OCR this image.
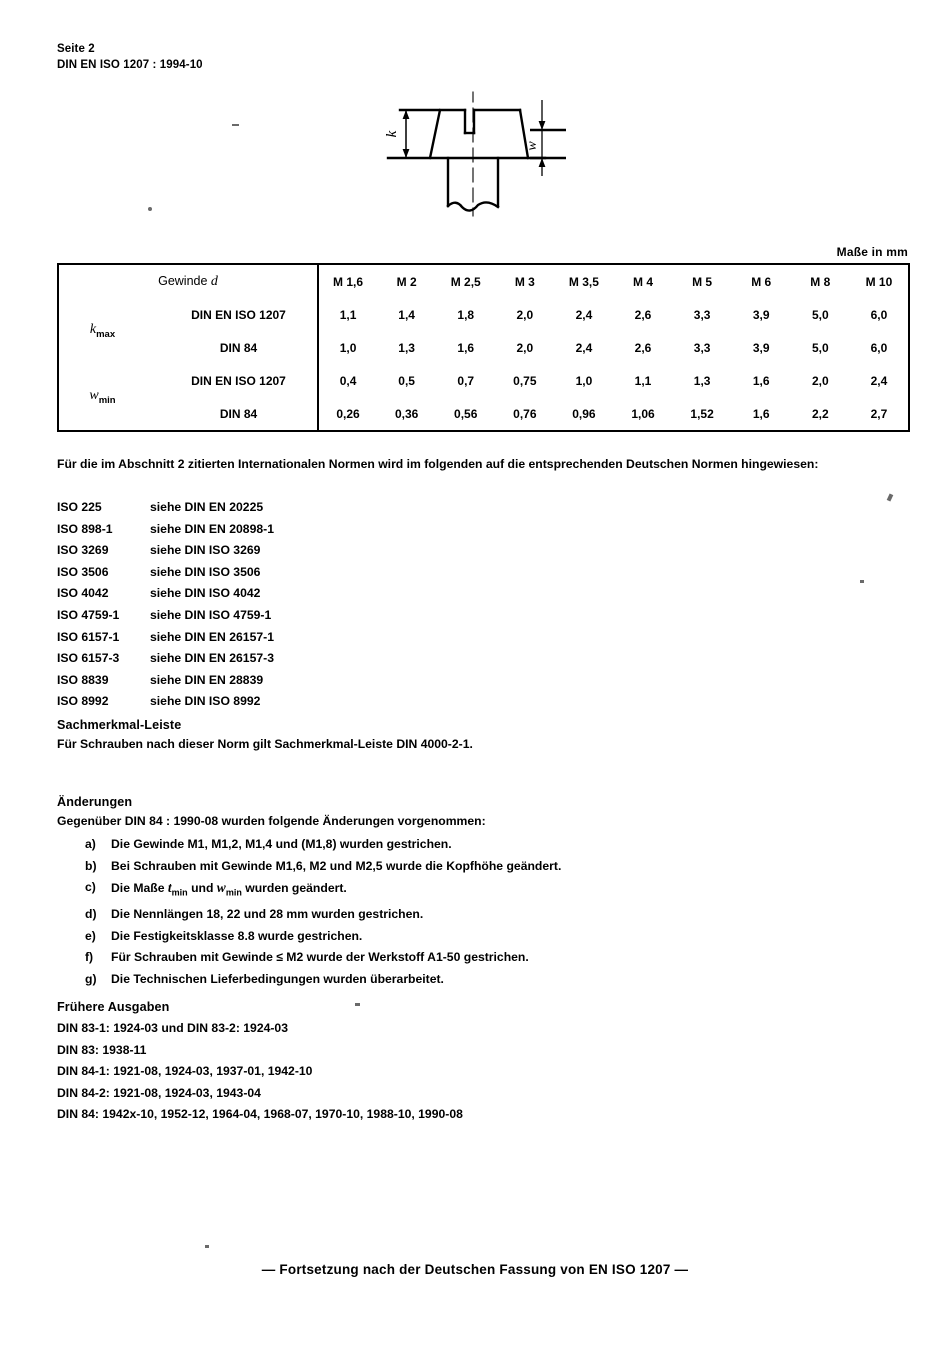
Seite 2
DIN EN ISO 1207 : 1994-10
k
w
Maße in mm
Gewinde d		M 1,6	M 2	M 2,5	M 3	M 3,5	M 4	M 5	M 6	M 8	M 10
$k_{max}$	DIN EN ISO 1207	1,1	1,4	1,8	2,0	2,4	2,6	3,3	3,9	5,0	6,0
	DIN 84	1,0	1,3	1,6	2,0	2,4	2,6	3,3	3,9	5,0	6,0
$w_{min}$	DIN EN ISO 1207	0,4	0,5	0,7	0,75	1,0	1,1	1,3	1,6	2,0	2,4
	DIN 84	0,26	0,36	0,56	0,76	0,96	1,06	1,52	1,6	2,2	2,7
Für die im Abschnitt 2 zitierten Internationalen Normen wird im folgenden auf die entsprechenden Deutschen Normen hingewiesen:
ISO 225	siehe DIN EN 20225
ISO 898-1	siehe DIN EN 20898-1
ISO 3269	siehe DIN ISO 3269
ISO 3506	siehe DIN ISO 3506
ISO 4042	siehe DIN ISO 4042
ISO 4759-1	siehe DIN ISO 4759-1
ISO 6157-1	siehe DIN EN 26157-1
ISO 6157-3	siehe DIN EN 26157-3
ISO 8839	siehe DIN EN 28839
ISO 8992	siehe DIN ISO 8992
Sachmerkmal-Leiste

Für Schrauben nach dieser Norm gilt Sachmerkmal-Leiste DIN 4000-2-1.

Änderungen

Gegenüber DIN 84 : 1990-08 wurden folgende Änderungen vorgenommen:

a) Die Gewinde M1, M1,2, M1,4 und (M1,8) wurden gestrichen.
b) Bei Schrauben mit Gewinde M1,6, M2 und M2,5 wurde die Kopfhöhe geändert.
c) Die Maße $t_{min}$ und $w_{min}$ wurden geändert.
d) Die Nennlängen 18, 22 und 28 mm wurden gestrichen.
e) Die Festigkeitsklasse 8.8 wurde gestrichen.
f) Für Schrauben mit Gewinde ≤ M2 wurde der Werkstoff A1-50 gestrichen.
g) Die Technischen Lieferbedingungen wurden überarbeitet.
Frühere Ausgaben
DIN 83-1: 1924-03 und DIN 83-2: 1924-03
DIN 83: 1938-11
DIN 84-1: 1921-08, 1924-03, 1937-01, 1942-10
DIN 84-2: 1921-08, 1924-03, 1943-04
DIN 84: 1942x-10, 1952-12, 1964-04, 1968-07, 1970-10, 1988-10, 1990-08
— Fortsetzung nach der Deutschen Fassung von EN ISO 1207 —
